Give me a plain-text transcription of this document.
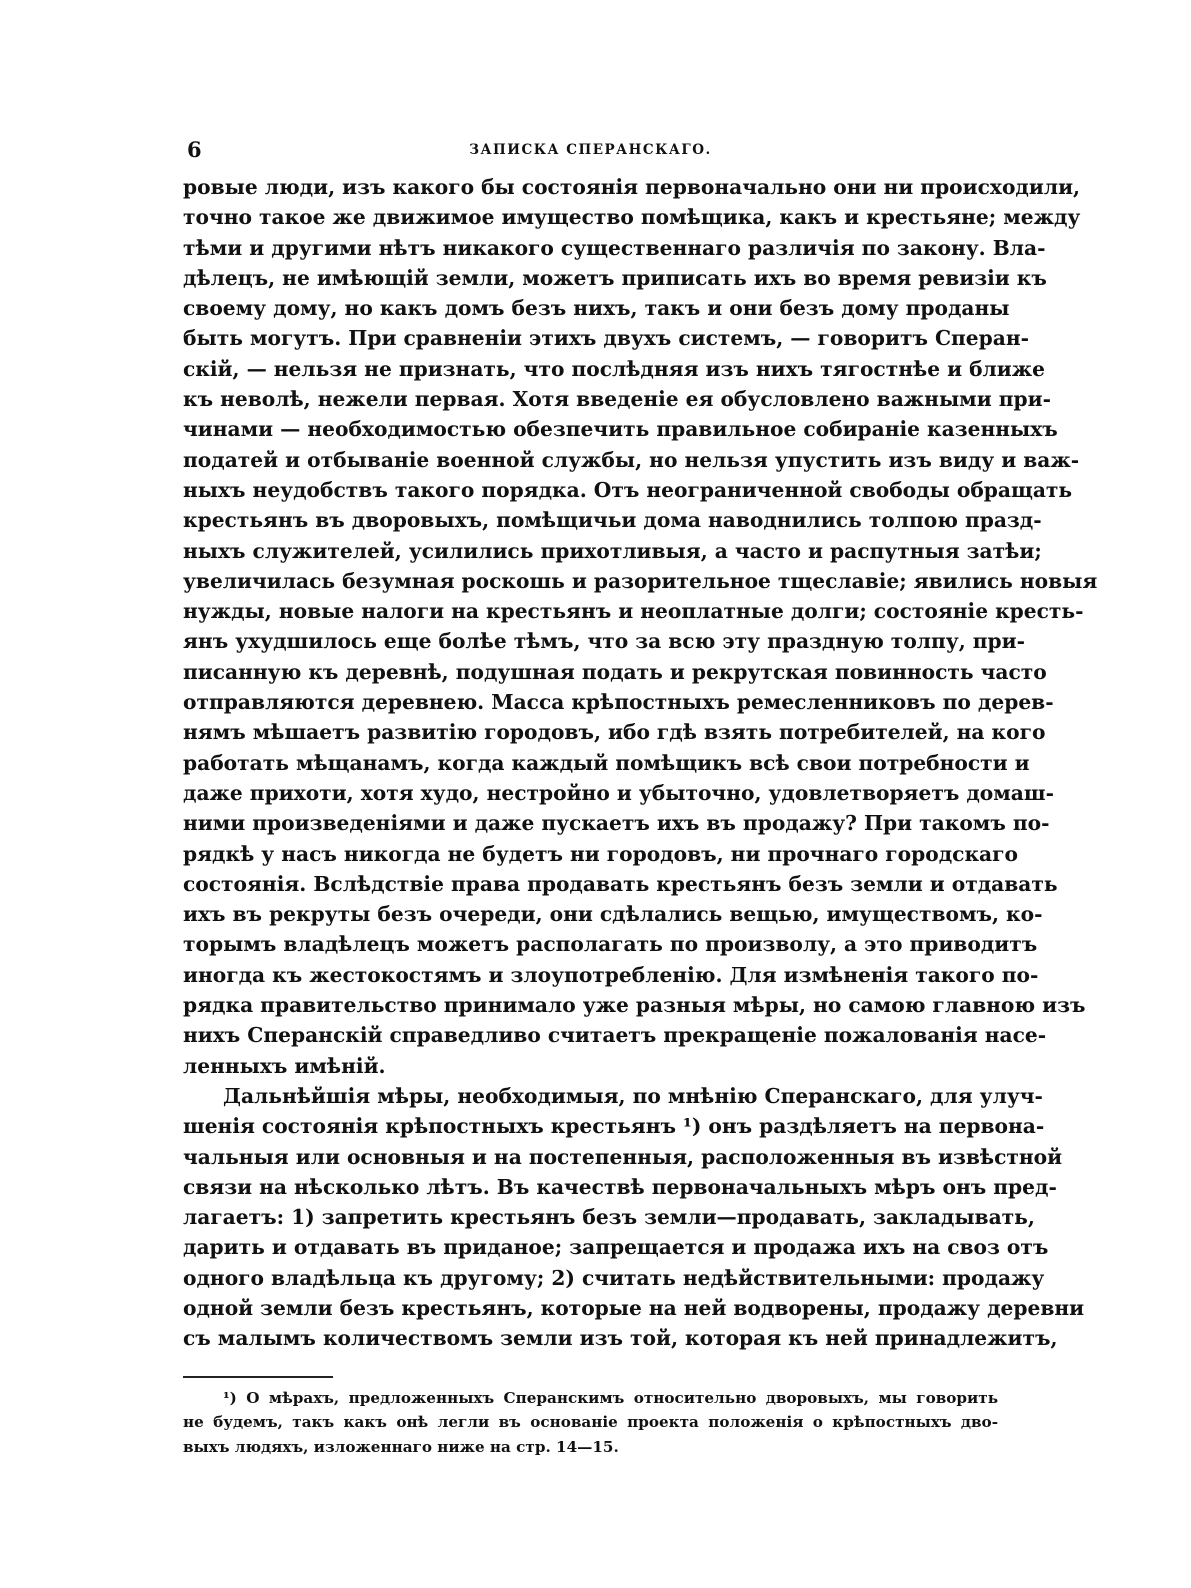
6	ЗАПИСКА СПЕРАНСКАГО.
ровые люди, изъ какого бы состоянія первоначально они ни происходили,
точно такое же движимое имущество помѣщика, какъ и крестьяне; между
тѣми и другими нѣтъ никакого существеннаго различія по закону. Вла-
дѣлецъ, не имѣющій земли, можетъ приписать ихъ во время ревизіи къ
своему дому, но какъ домъ безъ нихъ, такъ и они безъ дому проданы
быть могутъ. При сравненіи этихъ двухъ системъ, — говоритъ Сперан-
скій, — нельзя не признать, что послѣдняя изъ нихъ тягостнѣе и ближе
къ неволѣ, нежели первая. Хотя введеніе ея обусловлено важными при-
чинами — необходимостью обезпечить правильное собираніе казенныхъ
податей и отбываніе военной службы, но нельзя упустить изъ виду и важ-
ныхъ неудобствъ такого порядка. Отъ неограниченной свободы обращать
крестьянъ въ дворовыхъ, помѣщичьи дома наводнились толпою празд-
ныхъ служителей, усилились прихотливыя, а часто и распутныя затѣи;
увеличилась безумная роскошь и разорительное тщеславіе; явились новыя
нужды, новые налоги на крестьянъ и неоплатные долги; состояніе кресть-
янъ ухудшилось еще болѣе тѣмъ, что за всю эту праздную толпу, при-
писанную къ деревнѣ, подушная подать и рекрутская повинность часто
отправляются деревнею. Масса крѣпостныхъ ремесленниковъ по дерев-
нямъ мѣшаетъ развитію городовъ, ибо гдѣ взять потребителей, на кого
работать мѣщанамъ, когда каждый помѣщикъ всѣ свои потребности и
даже прихоти, хотя худо, нестройно и убыточно, удовлетворяетъ домаш-
ними произведеніями и даже пускаетъ ихъ въ продажу? При такомъ по-
рядкѣ у насъ никогда не будетъ ни городовъ, ни прочнаго городскаго
состоянія. Вслѣдствіе права продавать крестьянъ безъ земли и отдавать
ихъ въ рекруты безъ очереди, они сдѣлались вещью, имуществомъ, ко-
торымъ владѣлецъ можетъ располагать по произволу, а это приводитъ
иногда къ жестокостямъ и злоупотребленію. Для измѣненія такого по-
рядка правительство принимало уже разныя мѣры, но самою главною изъ
нихъ Сперанскій справедливо считаетъ прекращеніе пожалованія насе-
ленныхъ имѣній.
Дальнѣйшія мѣры, необходимыя, по мнѣнію Сперанскаго, для улуч-
шенія состоянія крѣпостныхъ крестьянъ ¹) онъ раздѣляетъ на первона-
чальныя или основныя и на постепенныя, расположенныя въ извѣстной
связи на нѣсколько лѣтъ. Въ качествѣ первоначальныхъ мѣръ онъ пред-
лагаетъ: 1) запретить крестьянъ безъ земли—продавать, закладывать,
дарить и отдавать въ приданое; запрещается и продажа ихъ на своз отъ
одного владѣльца къ другому; 2) считать недѣйствительными: продажу
одной земли безъ крестьянъ, которые на ней водворены, продажу деревни
съ малымъ количествомъ земли изъ той, которая къ ней принадлежитъ,
¹) О мѣрахъ, предложенныхъ Сперанскимъ относительно дворовыхъ, мы говорить
не будемъ, такъ какъ онѣ легли въ основаніе проекта положенія о крѣпостныхъ дво-
выхъ людяхъ, изложеннаго ниже на стр. 14—15.
